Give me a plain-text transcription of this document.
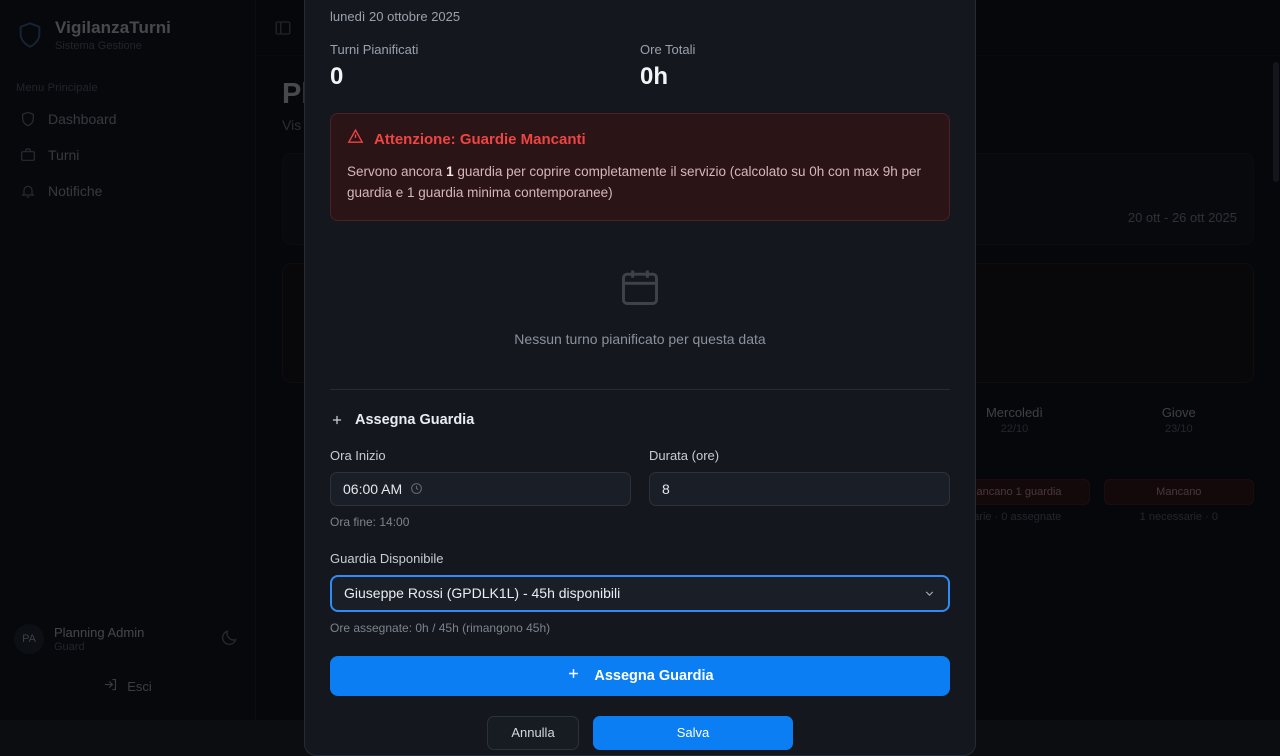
lunedì 20 ottobre 2025
Turni Pianificati
0
Ore Totali
0h
Attenzione: Guardie Mancanti
Servono ancora 1 guardia per coprire completamente il servizio (calcolato su 0h con max 9h per guardia e 1 guardia minima contemporanee)
Nessun turno pianificato per questa data
Assegna Guardia
Ora Inizio
06:00 AM
Durata (ore)
8
Ora fine: 14:00
Guardia Disponibile
Giuseppe Rossi (GPDLK1L) - 45h disponibili
Ore assegnate: 0h / 45h (rimangono 45h)
Assegna Guardia
Annulla	Salva
